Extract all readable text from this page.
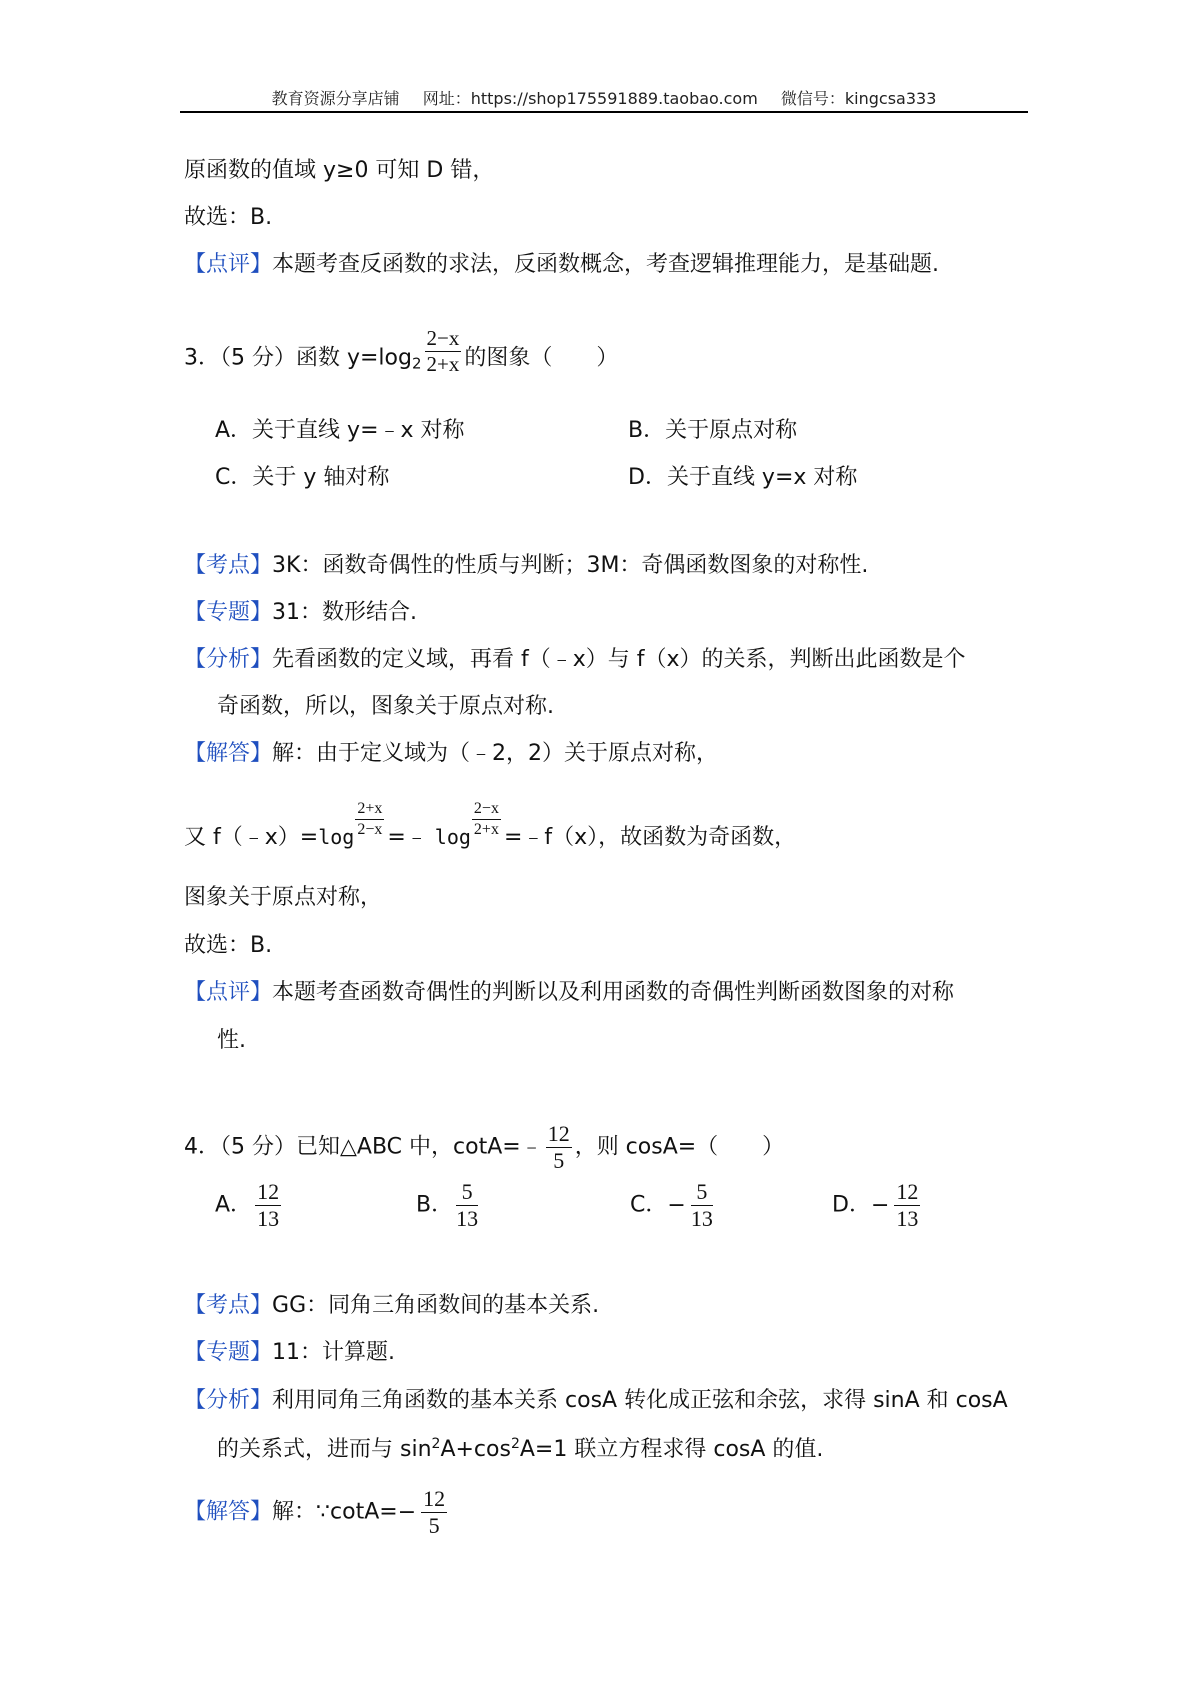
教育资源分享店铺 网址：https://shop175591889.taobao.com 微信号：kingcsa333
原函数的值域 y≥0 可知 D 错，
故选：B.
【点评】本题考查反函数的求法，反函数概念，考查逻辑推理能力，是基础题.
3．（5 分）函数 $y=\log_2 \frac{2-x}{2+x}$ 的图象（　　）
A．关于直线 y=﹣x 对称	B．关于原点对称
C．关于 y 轴对称	D．关于直线 y=x 对称
【考点】3K：函数奇偶性的性质与判断；3M：奇偶函数图象的对称性.
【专题】31：数形结合.
【分析】先看函数的定义域，再看 f（﹣x）与 f（x）的关系，判断出此函数是个
奇函数，所以，图象关于原点对称.
【解答】解：由于定义域为（﹣2，2）关于原点对称，
又 f（﹣x）=log $\frac{2+x}{2-x}$ =﹣ $\log \frac{2-x}{2+x}$ =﹣f（x），故函数为奇函数，
图象关于原点对称，
故选：B.
【点评】本题考查函数奇偶性的判断以及利用函数的奇偶性判断函数图象的对称
性.
4．（5 分）已知△ABC 中，cotA=﹣ $\frac{12}{5}$ ，则 cosA=（　　）
A． $\frac{12}{13}$	B． $\frac{5}{13}$	C．− $\frac{5}{13}$	D．− $\frac{12}{13}$
【考点】GG：同角三角函数间的基本关系.
【专题】11：计算题.
【分析】利用同角三角函数的基本关系 cosA 转化成正弦和余弦，求得 sinA 和 cosA
的关系式，进而与 $\sin^2A+\cos^2A=1$ 联立方程求得 cosA 的值.
【解答】解：∵cotA=− $\frac{12}{5}$
